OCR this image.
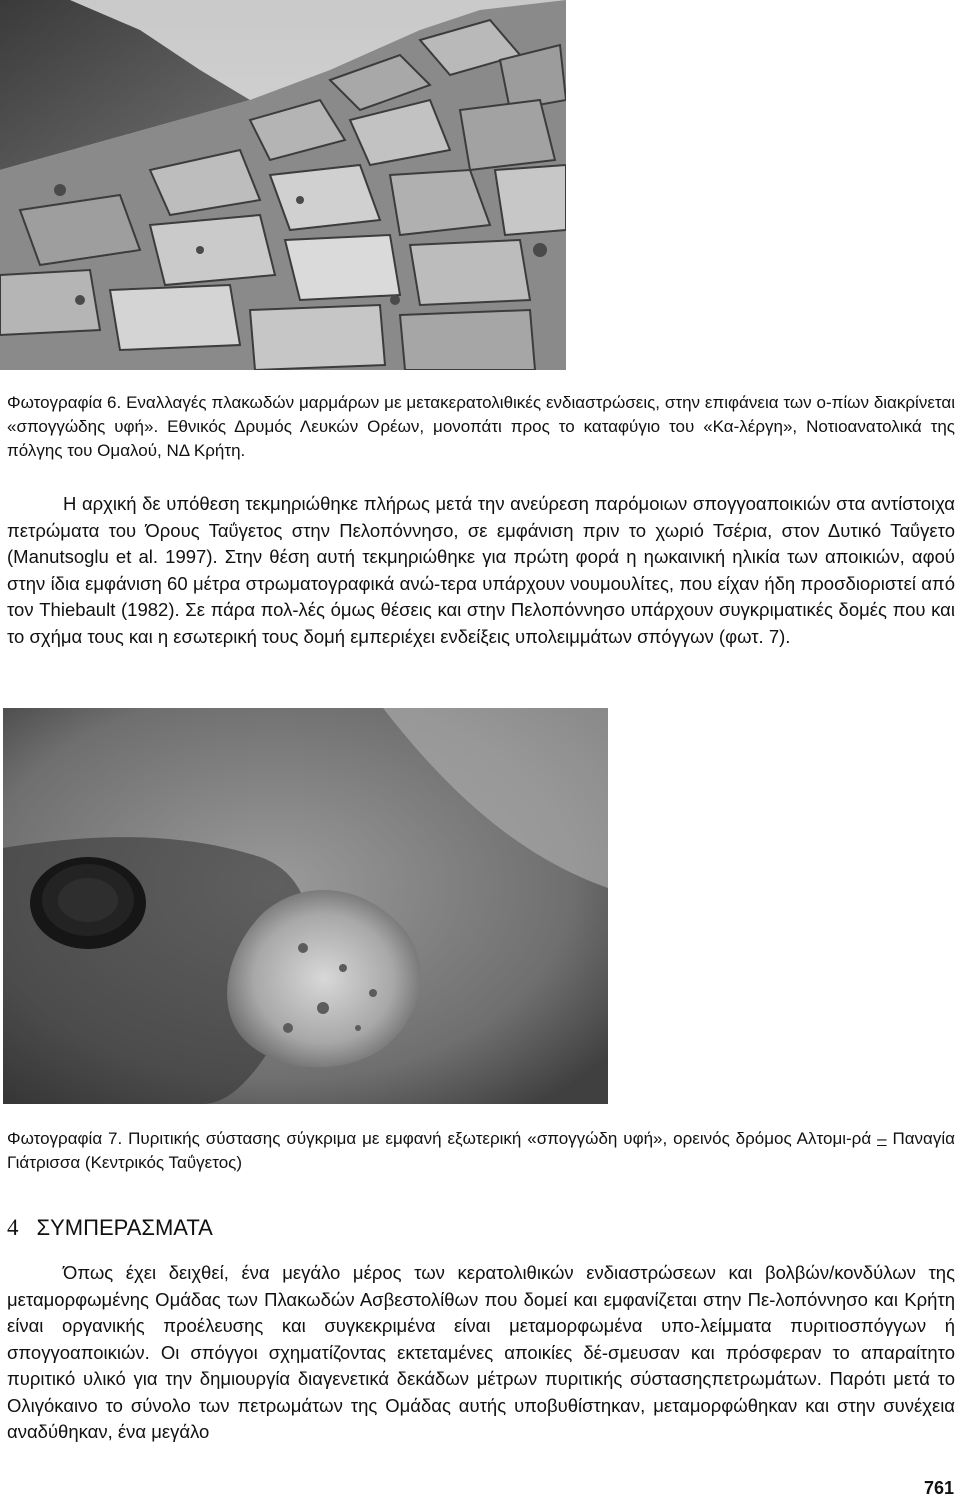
Φωτογραφία 6. Εναλλαγές πλακωδών μαρμάρων με μετακερατολιθικές ενδιαστρώσεις, στην επιφάνεια των ο-πίων διακρίνεται «σπογγώδης υφή». Εθνικός Δρυμός Λευκών Ορέων, μονοπάτι προς το καταφύγιο του «Κα-λέργη», Νοτιοανατολικά της πόλγης του Ομαλού, ΝΔ Κρήτη.

Η αρχική δε υπόθεση τεκμηριώθηκε πλήρως μετά την ανεύρεση παρόμοιων σπογγοαποικιών στα αντίστοιχα πετρώματα του Όρους Ταΰγετος στην Πελοπόννησο, σε εμφάνιση πριν το χωριό Τσέρια, στον Δυτικό Ταΰγετο (Manutsoglu et al. 1997). Στην θέση αυτή τεκμηριώθηκε για πρώτη φορά η ηωκαινική ηλικία των αποικιών, αφού στην ίδια εμφάνιση 60 μέτρα στρωματογραφικά ανώ-τερα υπάρχουν νουμουλίτες, που είχαν ήδη προσδιοριστεί από τον Thiebault (1982). Σε πάρα πολ-λές όμως θέσεις και στην Πελοπόννησο υπάρχουν συγκριματικές δομές που και το σχήμα τους και η εσωτερική τους δομή εμπεριέχει ενδείξεις υπολειμμάτων σπόγγων (φωτ. 7).

Φωτογραφία 7. Πυριτικής σύστασης σύγκριμα με εμφανή εξωτερική «σπογγώδη υφή», ορεινός δρόμος Αλτομι-ρά – Παναγία Γιάτρισσα (Κεντρικός Ταΰγετος)

4 ΣΥΜΠΕΡΑΣΜΑΤΑ

Όπως έχει δειχθεί, ένα μεγάλο μέρος των κερατολιθικών ενδιαστρώσεων και βολβών/κονδύλων της μεταμορφωμένης Ομάδας των Πλακωδών Ασβεστολίθων που δομεί και εμφανίζεται στην Πε-λοπόννησο και Κρήτη είναι οργανικής προέλευσης και συγκεκριμένα είναι μεταμορφωμένα υπο-λείμματα πυριτιοσπόγγων ή σπογγοαποικιών. Οι σπόγγοι σχηματίζοντας εκτεταμένες αποικίες δέ-σμευσαν και πρόσφεραν το απαραίτητο πυριτικό υλικό για την δημιουργία διαγενετικά δεκάδων μέτρων πυριτικής σύστασηςπετρωμάτων. Παρότι μετά το Ολιγόκαινο το σύνολο των πετρωμάτων της Ομάδας αυτής υποβυθίστηκαν, μεταμορφώθηκαν και στην συνέχεια αναδύθηκαν, ένα μεγάλο

761
